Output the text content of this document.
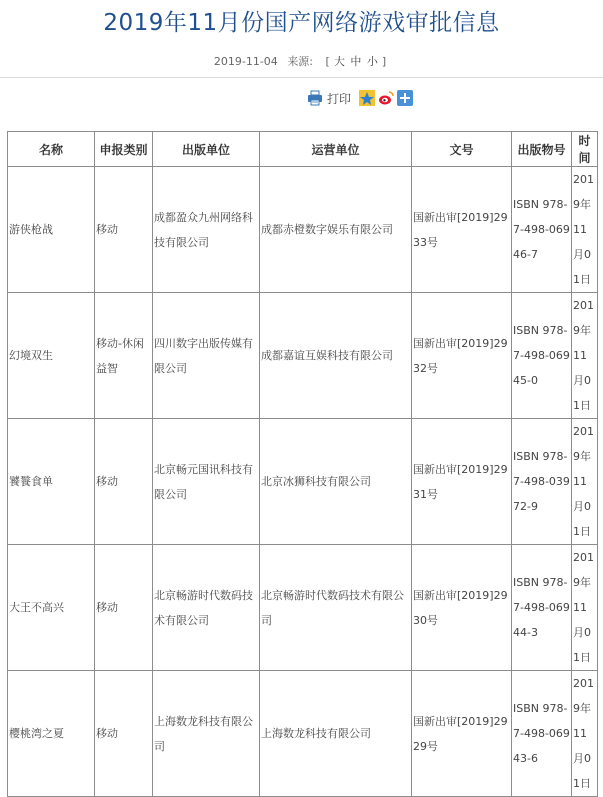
2019年11月份国产网络游戏审批信息
2019-11-04 来源: [ 大 中 小 ]
打印
名称	申报类别	出版单位	运营单位	文号	出版物号	时间
游侠枪战	移动	成都盈众九州网络科技有限公司	成都赤橙数字娱乐有限公司	国新出审[2019]2933号	ISBN 978-7-498-06946-7	2019年11月01日
幻境双生	移动-休闲益智	四川数字出版传媒有限公司	成都嘉谊互娱科技有限公司	国新出审[2019]2932号	ISBN 978-7-498-06945-0	2019年11月01日
饕餮食单	移动	北京畅元国讯科技有限公司	北京冰狮科技有限公司	国新出审[2019]2931号	ISBN 978-7-498-03972-9	2019年11月01日
大王不高兴	移动	北京畅游时代数码技术有限公司	北京畅游时代数码技术有限公司	国新出审[2019]2930号	ISBN 978-7-498-06944-3	2019年11月01日
樱桃湾之夏	移动	上海数龙科技有限公司	上海数龙科技有限公司	国新出审[2019]2929号	ISBN 978-7-498-06943-6	2019年11月01日
